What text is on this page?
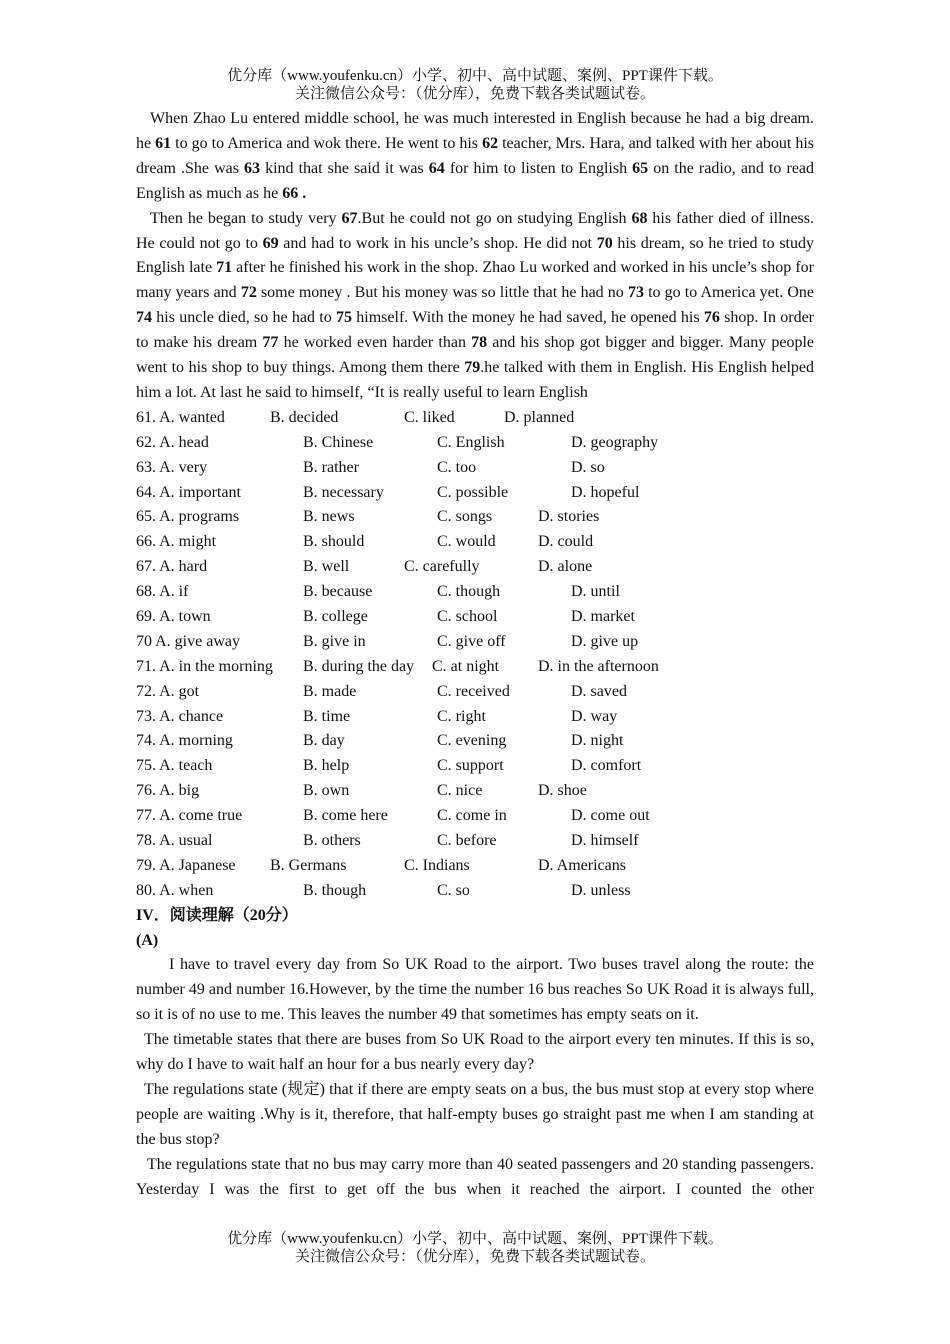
优分库（www.youfenku.cn）小学、初中、高中试题、案例、PPT课件下载。
关注微信公众号：（优分库），免费下载各类试题试卷。

When Zhao Lu entered middle school, he was much interested in English because he had a big dream. he 61 to go to America and wok there. He went to his 62 teacher, Mrs. Hara, and talked with her about his dream .She was 63 kind that she said it was 64 for him to listen to English 65 on the radio, and to read English as much as he 66 .

Then he began to study very 67.But he could not go on studying English 68 his father died of illness. He could not go to 69 and had to work in his uncle’s shop. He did not 70 his dream, so he tried to study English late 71 after he finished his work in the shop. Zhao Lu worked and worked in his uncle’s shop for many years and 72 some money . But his money was so little that he had no 73 to go to America yet. One 74 his uncle died, so he had to 75 himself. With the money he had saved, he opened his 76 shop. In order to make his dream 77 he worked even harder than 78 and his shop got bigger and bigger. Many people went to his shop to buy things. Among them there 79.he talked with them in English. His English helped him a lot. At last he said to himself, “It is really useful to learn English

61. A. wanted	B. decided	C. liked	D. planned
62. A. head	B. Chinese	C. English	D. geography
63. A. very	B. rather	C. too	D. so
64. A. important	B. necessary	C. possible	D. hopeful
65. A. programs	B. news	C. songs	D. stories
66. A. might	B. should	C. would	D. could
67. A. hard	B. well	C. carefully	D. alone
68. A. if	B. because	C. though	D. until
69. A. town	B. college	C. school	D. market
70 A. give away	B. give in	C. give off	D. give up
71. A. in the morning B. during the day C. at night D. in the afternoon
72. A. got	B. made	C. received	D. saved
73. A. chance	B. time	C. right	D. way
74. A. morning	B. day	C. evening	D. night
75. A. teach	B. help	C. support	D. comfort
76. A. big	B. own	C. nice	D. shoe
77. A. come true	B. come here	C. come in	D. come out
78. A. usual	B. others	C. before	D. himself
79. A. Japanese B. Germans	C. Indians	D. Americans
80. A. when	B. though	C. so	D. unless
IV．阅读理解（20分）
(A)

I have to travel every day from So UK Road to the airport. Two buses travel along the route: the number 49 and number 16.However, by the time the number 16 bus reaches So UK Road it is always full, so it is of no use to me. This leaves the number 49 that sometimes has empty seats on it.

The timetable states that there are buses from So UK Road to the airport every ten minutes. If this is so, why do I have to wait half an hour for a bus nearly every day?

The regulations state (规定) that if there are empty seats on a bus, the bus must stop at every stop where people are waiting .Why is it, therefore, that half-empty buses go straight past me when I am standing at the bus stop?

The regulations state that no bus may carry more than 40 seated passengers and 20 standing passengers. Yesterday I was the first to get off the bus when it reached the airport. I counted the other

优分库（www.youfenku.cn）小学、初中、高中试题、案例、PPT课件下载。
关注微信公众号：（优分库），免费下载各类试题试卷。
